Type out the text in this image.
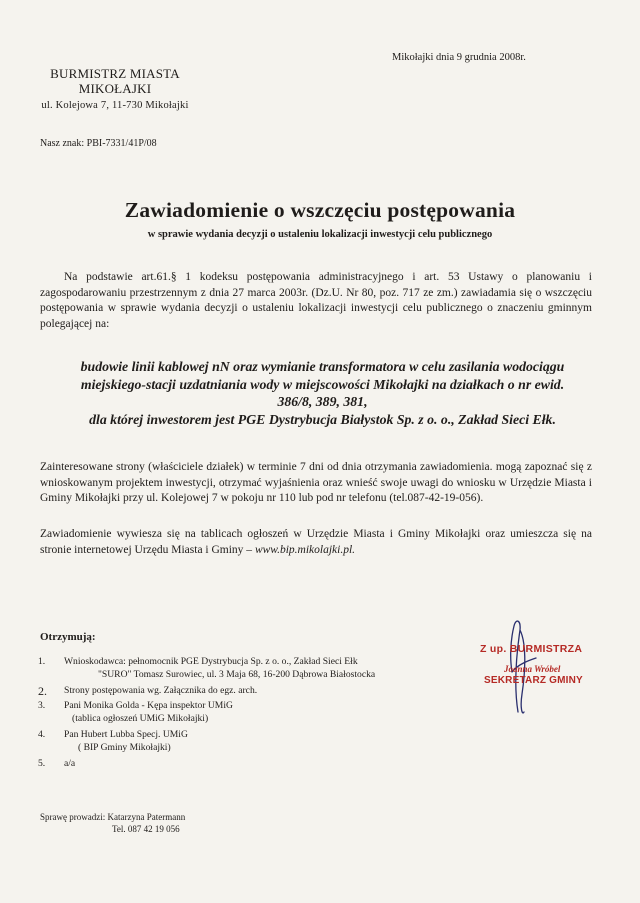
Mikołajki dnia 9 grudnia 2008r.
BURMISTRZ MIASTA
MIKOŁAJKI
ul. Kolejowa 7, 11-730 Mikołajki
Nasz znak: PBI-7331/41P/08
Zawiadomienie o wszczęciu postępowania
w sprawie wydania decyzji o ustaleniu lokalizacji inwestycji celu publicznego
Na podstawie art.61.§ 1 kodeksu postępowania administracyjnego i art. 53 Ustawy o planowaniu i zagospodarowaniu przestrzennym z dnia 27 marca 2003r. (Dz.U. Nr 80, poz. 717 ze zm.) zawiadamia się o wszczęciu postępowania w sprawie wydania decyzji o ustaleniu lokalizacji inwestycji celu publicznego o znaczeniu gminnym polegającej na:
budowie linii kablowej nN oraz wymianie transformatora w celu zasilania wodociągu
miejskiego-stacji uzdatniania wody w miejscowości Mikołajki na działkach o nr ewid.
386/8, 389, 381,
dla której inwestorem jest PGE Dystrybucja Białystok Sp. z o. o., Zakład Sieci Ełk.
Zainteresowane strony (właściciele działek) w terminie 7 dni od dnia otrzymania zawiadomienia. mogą zapoznać się z wnioskowanym projektem inwestycji, otrzymać wyjaśnienia oraz wnieść swoje uwagi do wniosku w Urzędzie Miasta i Gminy Mikołajki przy ul. Kolejowej 7 w pokoju nr 110 lub pod nr telefonu (tel.087-42-19-056).
Zawiadomienie wywiesza się na tablicach ogłoszeń w Urzędzie Miasta i Gminy Mikołajki oraz umieszcza się na stronie internetowej Urzędu Miasta i Gminy – www.bip.mikolajki.pl.
Otrzymują:
1.	Wnioskodawca: pełnomocnik PGE Dystrybucja Sp. z o. o., Zakład Sieci Ełk
"SURO" Tomasz Surowiec, ul. 3 Maja 68, 16-200 Dąbrowa Białostocka
2.	Strony postępowania wg. Załącznika do egz. arch.
3.	Pani Monika Golda - Kępa inspektor UMiG
(tablica ogłoszeń UMiG Mikołajki)
4.	Pan Hubert Lubba Specj. UMiG
( BIP Gminy Mikołajki)
5.	a/a
Z up. BURMISTRZA
Joanna Wróbel
SEKRETARZ GMINY
Sprawę prowadzi: Katarzyna Patermann
Tel. 087 42 19 056
